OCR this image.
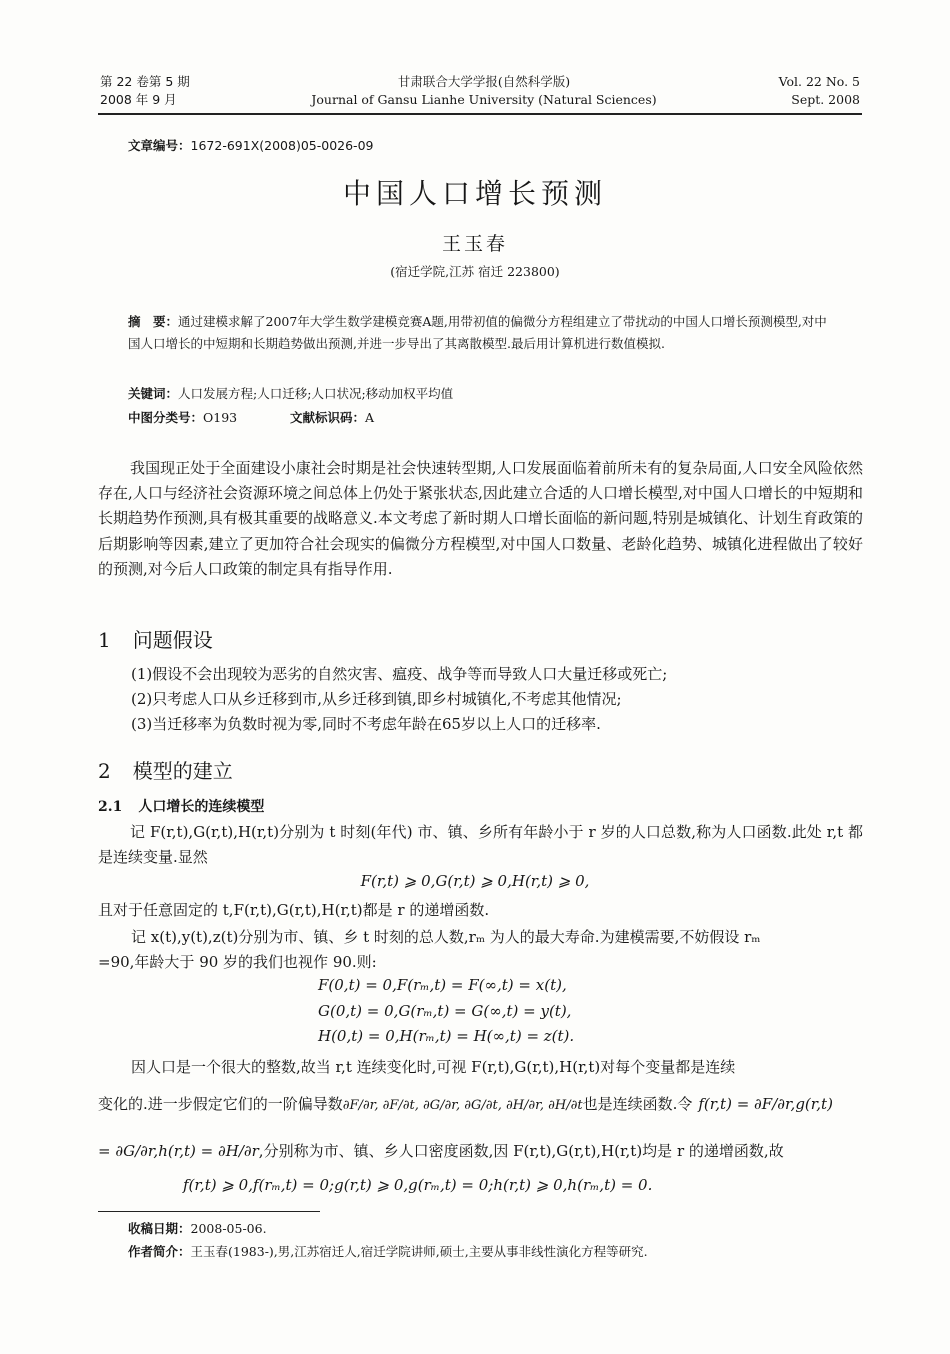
第 22 卷第 5 期
2008 年 9 月
甘肃联合大学学报(自然科学版)
Journal of Gansu Lianhe University (Natural Sciences)
Vol. 22 No. 5
Sept. 2008
文章编号：1672-691X(2008)05-0026-09
中国人口增长预测
王玉春
(宿迁学院,江苏 宿迁 223800)
摘　要：通过建模求解了2007年大学生数学建模竞赛A题,用带初值的偏微分方程组建立了带扰动的中国人口增长预测模型,对中国人口增长的中短期和长期趋势做出预测,并进一步导出了其离散模型.最后用计算机进行数值模拟.
关键词：人口发展方程;人口迁移;人口状况;移动加权平均值
中图分类号：O193	文献标识码：A
我国现正处于全面建设小康社会时期是社会快速转型期,人口发展面临着前所未有的复杂局面,人口安全风险依然存在,人口与经济社会资源环境之间总体上仍处于紧张状态,因此建立合适的人口增长模型,对中国人口增长的中短期和长期趋势作预测,具有极其重要的战略意义.本文考虑了新时期人口增长面临的新问题,特别是城镇化、计划生育政策的后期影响等因素,建立了更加符合社会现实的偏微分方程模型,对中国人口数量、老龄化趋势、城镇化进程做出了较好的预测,对今后人口政策的制定具有指导作用.
1 问题假设
(1)假设不会出现较为恶劣的自然灾害、瘟疫、战争等而导致人口大量迁移或死亡;
(2)只考虑人口从乡迁移到市,从乡迁移到镇,即乡村城镇化,不考虑其他情况;
(3)当迁移率为负数时视为零,同时不考虑年龄在65岁以上人口的迁移率.
2 模型的建立
2.1 人口增长的连续模型
记 F(r,t),G(r,t),H(r,t)分别为 t 时刻(年代) 市、镇、乡所有年龄小于 r 岁的人口总数,称为人口函数.此处 r,t 都是连续变量.显然
F(r,t) ⩾ 0,G(r,t) ⩾ 0,H(r,t) ⩾ 0,
且对于任意固定的 t,F(r,t),G(r,t),H(r,t)都是 r 的递增函数.
记 x(t),y(t),z(t)分别为市、镇、乡 t 时刻的总人数,rₘ 为人的最大寿命.为建模需要,不妨假设 rₘ
=90,年龄大于 90 岁的我们也视作 90.则:
F(0,t) = 0,F(rₘ,t) = F(∞,t) = x(t),
G(0,t) = 0,G(rₘ,t) = G(∞,t) = y(t),
H(0,t) = 0,H(rₘ,t) = H(∞,t) = z(t).
因人口是一个很大的整数,故当 r,t 连续变化时,可视 F(r,t),G(r,t),H(r,t)对每个变量都是连续
变化的.进一步假定它们的一阶偏导数∂F/∂r, ∂F/∂t, ∂G/∂r, ∂G/∂t, ∂H/∂r, ∂H/∂t也是连续函数.令 f(r,t) = ∂F/∂r,g(r,t)
= ∂G/∂r,h(r,t) = ∂H/∂r,分别称为市、镇、乡人口密度函数,因 F(r,t),G(r,t),H(r,t)均是 r 的递增函数,故
f(r,t) ⩾ 0,f(rₘ,t) = 0;g(r,t) ⩾ 0,g(rₘ,t) = 0;h(r,t) ⩾ 0,h(rₘ,t) = 0.
收稿日期：2008-05-06.
作者简介：王玉春(1983-),男,江苏宿迁人,宿迁学院讲师,硕士,主要从事非线性演化方程等研究.
